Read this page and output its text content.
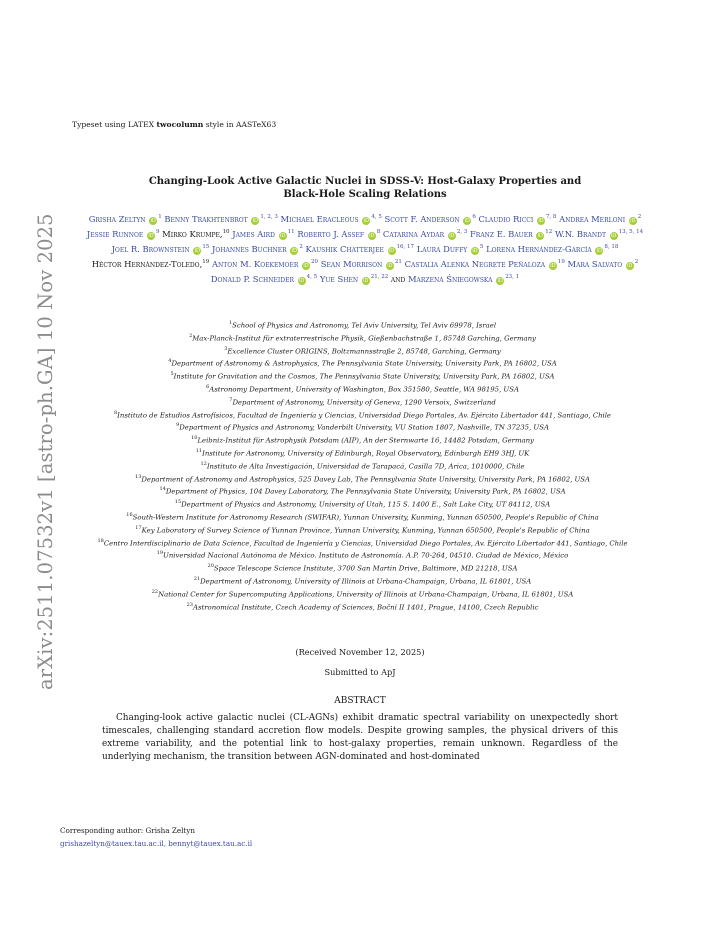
arXiv:2511.07532v1 [astro-ph.GA] 10 Nov 2025
Typeset using LATEX twocolumn style in AASTeX63
Changing-Look Active Galactic Nuclei in SDSS-V: Host-Galaxy Properties and
Black-Hole Scaling Relations
Grisha Zeltyn $iD^1$ Benny Trakhtenbrot iD$^{1, 2, 3}$ Michael Eracleous iD$^{4, 5}$ Scott F. Anderson $iD^6$ Claudio Ricci iD$^{7, 8}$ Andrea Merloni $iD^2$ Jessie Runnoe $iD^9$ Mirko Krumpe,$^{10}$ James Aird $iD^{11}$ Roberto J. Assef $iD^8$ Catarina Aydar iD$^{2, 3}$ Franz E. Bauer $iD^{12}$ W.N. Brandt iD$^{13, 5, 14}$ Joel R. Brownstein $iD^{15}$ Johannes Buchner $iD^2$ Kaushik Chatterjee iD$^{16, 17}$ Laura Duffy $iD^5$ Lorena Hernández-García iD$^{8, 18}$ Héctor Hernández-Toledo,$^{19}$ Anton M. Koekemoer $iD^{20}$ Sean Morrison $iD^{21}$ Castalia Alenka Negrete Peñaloza $iD^{19}$ Mara Salvato $iD^2$ Donald P. Schneider iD$^{4, 5}$ Yue Shen iD$^{21, 22}$ and Marzena Śniegowska iD$^{23, 1}$
$^1$School of Physics and Astronomy, Tel Aviv University, Tel Aviv 69978, Israel
$^2$Max-Planck-Institut für extraterrestrische Physik, Gießenbachstraße 1, 85748 Garching, Germany
$^3$Excellence Cluster ORIGINS, Boltzmannsstraße 2, 85748, Garching, Germany
$^4$Department of Astronomy & Astrophysics, The Pennsylvania State University, University Park, PA 16802, USA
$^5$Institute for Gravitation and the Cosmos, The Pennsylvania State University, University Park, PA 16802, USA
$^6$Astronomy Department, University of Washington, Box 351580, Seattle, WA 98195, USA
$^7$Department of Astronomy, University of Geneva, 1290 Versoix, Switzerland
$^8$Instituto de Estudios Astrofísicos, Facultad de Ingeniería y Ciencias, Universidad Diego Portales, Av. Ejército Libertador 441, Santiago, Chile
$^9$Department of Physics and Astronomy, Vanderbilt University, VU Station 1807, Nashville, TN 37235, USA
$^{10}$Leibniz-Institut für Astrophysik Potsdam (AIP), An der Sternwarte 16, 14482 Potsdam, Germany
$^{11}$Institute for Astronomy, University of Edinburgh, Royal Observatory, Edinburgh EH9 3HJ, UK
$^{12}$Instituto de Alta Investigación, Universidad de Tarapacá, Casilla 7D, Arica, 1010000, Chile
$^{13}$Department of Astronomy and Astrophysics, 525 Davey Lab, The Pennsylvania State University, University Park, PA 16802, USA
$^{14}$Department of Physics, 104 Davey Laboratory, The Pennsylvania State University, University Park, PA 16802, USA
$^{15}$Department of Physics and Astronomy, University of Utah, 115 S. 1400 E., Salt Lake City, UT 84112, USA
$^{16}$South-Western Institute for Astronomy Research (SWIFAR), Yunnan University, Kunming, Yunnan 650500, People's Republic of China
$^{17}$Key Laboratory of Survey Science of Yunnan Province, Yunnan University, Kunming, Yunnan 650500, People's Republic of China
$^{18}$Centro Interdisciplinario de Data Science, Facultad de Ingeniería y Ciencias, Universidad Diego Portales, Av. Ejército Libertador 441, Santiago, Chile
$^{19}$Universidad Nacional Autónoma de México. Instituto de Astronomía. A.P. 70-264, 04510. Ciudad de México, México
$^{20}$Space Telescope Science Institute, 3700 San Martin Drive, Baltimore, MD 21218, USA
$^{21}$Department of Astronomy, University of Illinois at Urbana-Champaign, Urbana, IL 61801, USA
$^{22}$National Center for Supercomputing Applications, University of Illinois at Urbana-Champaign, Urbana, IL 61801, USA
$^{23}$Astronomical Institute, Czech Academy of Sciences, Boční II 1401, Prague, 14100, Czech Republic
(Received November 12, 2025)
Submitted to ApJ
ABSTRACT
Changing-look active galactic nuclei (CL-AGNs) exhibit dramatic spectral variability on unexpectedly short timescales, challenging standard accretion flow models. Despite growing samples, the physical drivers of this extreme variability, and the potential link to host-galaxy properties, remain unknown. Regardless of the underlying mechanism, the transition between AGN-dominated and host-dominated
Corresponding author: Grisha Zeltyn
grishazeltyn@tauex.tau.ac.il, bennyt@tauex.tau.ac.il
